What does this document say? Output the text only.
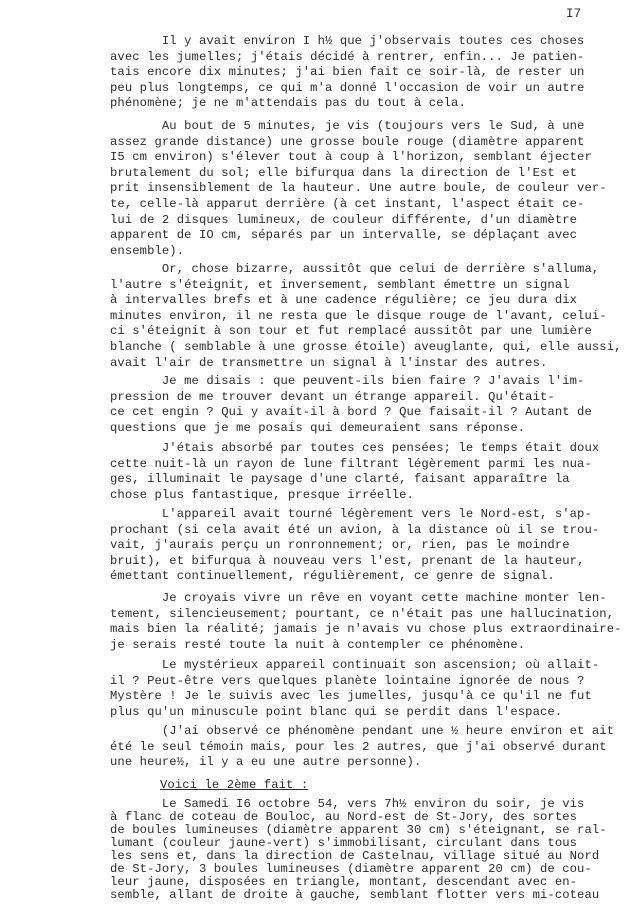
I7
Il y avait environ I h½ que j'observais toutes ces choses
avec les jumelles; j'étais décidé à rentrer, enfin... Je patien-
tais encore dix minutes; j'ai bien fait ce soir-là, de rester un
peu plus longtemps, ce qui m'a donné l'occasion de voir un autre
phénomène; je ne m'attendais pas du tout à cela.
Au bout de 5 minutes, je vis (toujours vers le Sud, à une
assez grande distance) une grosse boule rouge (diamètre apparent
I5 cm environ) s'élever tout à coup à l'horizon, semblant éjecter
brutalement du sol; elle bifurqua dans la direction de l'Est et
prit insensiblement de la hauteur. Une autre boule, de couleur ver-
te, celle-là apparut derrière (à cet instant, l'aspect était ce-
lui de 2 disques lumineux, de couleur différente, d'un diamètre
apparent de IO cm, séparés par un intervalle, se déplaçant avec
ensemble).
Or, chose bizarre, aussitôt que celui de derrière s'alluma,
l'autre s'éteignit, et inversement, semblant émettre un signal
à intervalles brefs et à une cadence régulière; ce jeu dura dix
minutes environ, il ne resta que le disque rouge de l'avant, celui-
ci s'éteignit à son tour et fut remplacé aussitôt par une lumière
blanche ( semblable à une grosse étoile) aveuglante, qui, elle aussi,
avait l'air de transmettre un signal à l'instar des autres.
Je me disais : que peuvent-ils bien faire ? J'avais l'im-
pression de me trouver devant un étrange appareil. Qu'était-
ce cet engin ? Qui y avait-il à bord ? Que faisait-il ? Autant de
questions que je me posais qui demeuraient sans réponse.
J'étais absorbé par toutes ces pensées; le temps était doux
cette nuit-là un rayon de lune filtrant légèrement parmi les nua-
ges, illuminait le paysage d'une clarté, faisant apparaître la
chose plus fantastique, presque irréelle.
L'appareil avait tourné légèrement vers le Nord-est, s'ap-
prochant (si cela avait été un avion, à la distance où il se trou-
vait, j'aurais perçu un ronronnement; or, rien, pas le moindre
bruit), et bifurqua à nouveau vers l'est, prenant de la hauteur,
émettant continuellement, régulièrement, ce genre de signal.
Je croyais vivre un rêve en voyant cette machine monter len-
tement, silencieusement; pourtant, ce n'était pas une hallucination,
mais bien la réalité; jamais je n'avais vu chose plus extraordinaire-
je serais resté toute la nuit à contempler ce phénomène.
Le mystérieux appareil continuait son ascension; où allait-
il ? Peut-être vers quelques planète lointaine ignorée de nous ?
Mystère ! Je le suivis avec les jumelles, jusqu'à ce qu'il ne fut
plus qu'un minuscule point blanc qui se perdit dans l'espace.
(J'ai observé ce phénomène pendant une ½ heure environ et ait
été le seul témoin mais, pour les 2 autres, que j'ai observé durant
une heure½, il y a eu une autre personne).
Voici le 2ème fait :
Le Samedi I6 octobre 54, vers 7h½ environ du soir, je vis
à flanc de coteau de Bouloc, au Nord-est de St-Jory, des sortes
de boules lumineuses (diamètre apparent 30 cm) s'éteignant, se ral-
lumant (couleur jaune-vert) s'immobilisant, circulant dans tous
les sens et, dans la direction de Castelnau, village situé au Nord
de St-Jory, 3 boules lumineuses (diamètre apparent 20 cm) de cou-
leur jaune, disposées en triangle, montant, descendant avec en-
semble, allant de droite à gauche, semblant flotter vers mi-coteau
